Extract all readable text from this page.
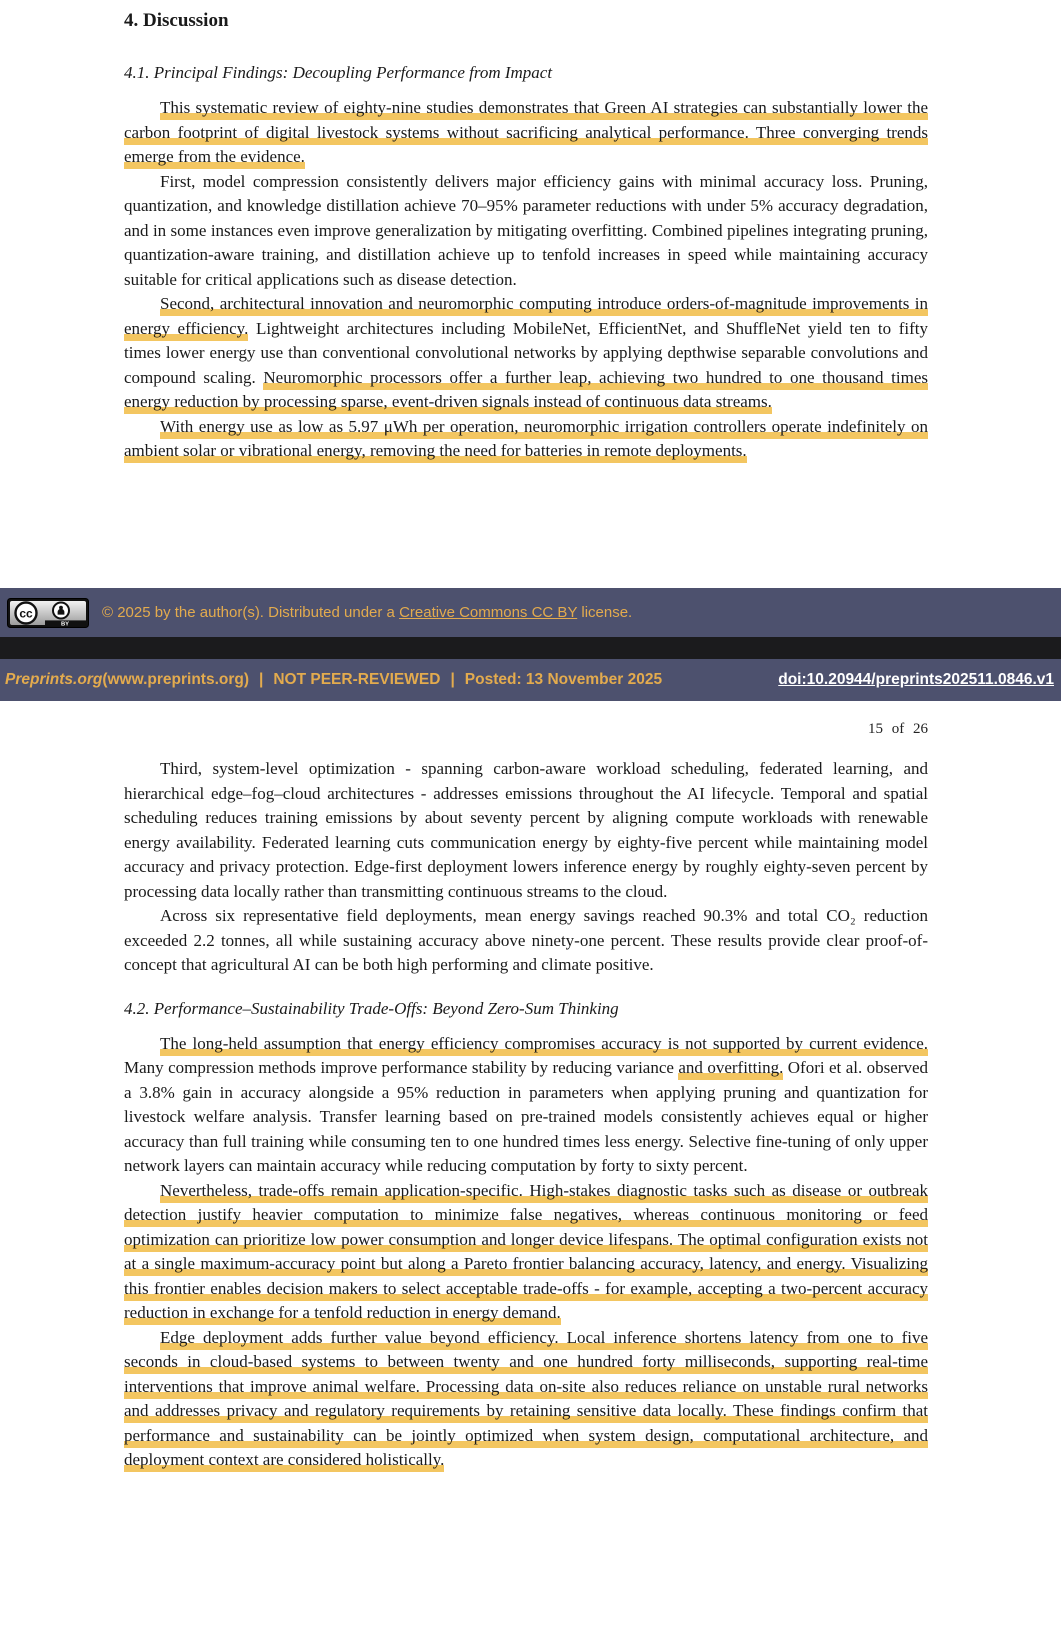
4. Discussion
4.1. Principal Findings: Decoupling Performance from Impact

This systematic review of eighty-nine studies demonstrates that Green AI strategies can substantially lower the carbon footprint of digital livestock systems without sacrificing analytical performance. Three converging trends emerge from the evidence.

First, model compression consistently delivers major efficiency gains with minimal accuracy loss. Pruning, quantization, and knowledge distillation achieve 70–95% parameter reductions with under 5% accuracy degradation, and in some instances even improve generalization by mitigating overfitting. Combined pipelines integrating pruning, quantization-aware training, and distillation achieve up to tenfold increases in speed while maintaining accuracy suitable for critical applications such as disease detection.

Second, architectural innovation and neuromorphic computing introduce orders-of-magnitude improvements in energy efficiency. Lightweight architectures including MobileNet, EfficientNet, and ShuffleNet yield ten to fifty times lower energy use than conventional convolutional networks by applying depthwise separable convolutions and compound scaling. Neuromorphic processors offer a further leap, achieving two hundred to one thousand times energy reduction by processing sparse, event-driven signals instead of continuous data streams.

With energy use as low as 5.97 μWh per operation, neuromorphic irrigation controllers operate indefinitely on ambient solar or vibrational energy, removing the need for batteries in remote deployments.

cc
BY

© 2025 by the author(s). Distributed under a Creative Commons CC BY license.

Preprints.org (www.preprints.org) | NOT PEER-REVIEWED | Posted: 13 November 2025	doi:10.20944/preprints202511.0846.v1
15 of 26

Third, system-level optimization - spanning carbon-aware workload scheduling, federated learning, and hierarchical edge–fog–cloud architectures - addresses emissions throughout the AI lifecycle. Temporal and spatial scheduling reduces training emissions by about seventy percent by aligning compute workloads with renewable energy availability. Federated learning cuts communication energy by eighty-five percent while maintaining model accuracy and privacy protection. Edge-first deployment lowers inference energy by roughly eighty-seven percent by processing data locally rather than transmitting continuous streams to the cloud.

Across six representative field deployments, mean energy savings reached 90.3% and total CO₂ reduction exceeded 2.2 tonnes, all while sustaining accuracy above ninety-one percent. These results provide clear proof-of-concept that agricultural AI can be both high performing and climate positive.

4.2. Performance–Sustainability Trade-Offs: Beyond Zero-Sum Thinking

The long-held assumption that energy efficiency compromises accuracy is not supported by current evidence. Many compression methods improve performance stability by reducing variance and overfitting. Ofori et al. observed a 3.8% gain in accuracy alongside a 95% reduction in parameters when applying pruning and quantization for livestock welfare analysis. Transfer learning based on pre-trained models consistently achieves equal or higher accuracy than full training while consuming ten to one hundred times less energy. Selective fine-tuning of only upper network layers can maintain accuracy while reducing computation by forty to sixty percent.

Nevertheless, trade-offs remain application-specific. High-stakes diagnostic tasks such as disease or outbreak detection justify heavier computation to minimize false negatives, whereas continuous monitoring or feed optimization can prioritize low power consumption and longer device lifespans. The optimal configuration exists not at a single maximum-accuracy point but along a Pareto frontier balancing accuracy, latency, and energy. Visualizing this frontier enables decision makers to select acceptable trade-offs - for example, accepting a two-percent accuracy reduction in exchange for a tenfold reduction in energy demand.

Edge deployment adds further value beyond efficiency. Local inference shortens latency from one to five seconds in cloud-based systems to between twenty and one hundred forty milliseconds, supporting real-time interventions that improve animal welfare. Processing data on-site also reduces reliance on unstable rural networks and addresses privacy and regulatory requirements by retaining sensitive data locally. These findings confirm that performance and sustainability can be jointly optimized when system design, computational architecture, and deployment context are considered holistically.
